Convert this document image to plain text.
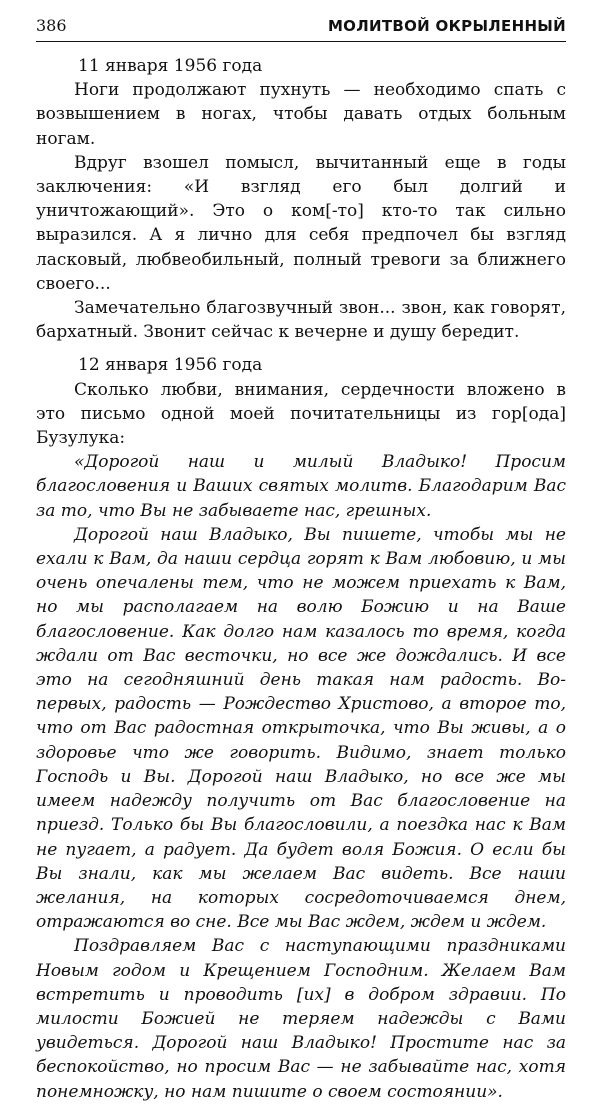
386	МОЛИТВОЙ ОКРЫЛЕННЫЙ
11 января 1956 года

Ноги продолжают пухнуть — необходимо спать с возвышением в ногах, чтобы давать отдых больным ногам.

Вдруг взошел помысл, вычитанный еще в годы заключения: «И взгляд его был долгий и уничтожающий». Это о ком[-то] кто-то так сильно выразился. А я лично для себя предпочел бы взгляд ласковый, любвеобильный, полный тревоги за ближнего своего...

Замечательно благозвучный звон... звон, как говорят, бархатный. Звонит сейчас к вечерне и душу бередит.

12 января 1956 года

Сколько любви, внимания, сердечности вложено в это письмо одной моей почитательницы из гор[ода] Бузулука:

«Дорогой наш и милый Владыко! Просим благословения и Ваших святых молитв. Благодарим Вас за то, что Вы не забываете нас, грешных.

Дорогой наш Владыко, Вы пишете, чтобы мы не ехали к Вам, да наши сердца горят к Вам любовию, и мы очень опечалены тем, что не можем приехать к Вам, но мы располагаем на волю Божию и на Ваше благословение. Как долго нам казалось то время, когда ждали от Вас весточки, но все же дождались. И все это на сегодняшний день такая нам радость. Во-первых, радость — Рождество Христово, а второе то, что от Вас радостная открыточка, что Вы живы, а о здоровье что же говорить. Видимо, знает только Господь и Вы. Дорогой наш Владыко, но все же мы имеем надежду получить от Вас благословение на приезд. Только бы Вы благословили, а поездка нас к Вам не пугает, а радует. Да будет воля Божия. О если бы Вы знали, как мы желаем Вас видеть. Все наши желания, на которых сосредоточиваемся днем, отражаются во сне. Все мы Вас ждем, ждем и ждем.

Поздравляем Вас с наступающими праздниками Новым годом и Крещением Господним. Желаем Вам встретить и проводить [их] в добром здравии. По милости Божией не теряем надежды с Вами увидеться. Дорогой наш Владыко! Простите нас за беспокойство, но просим Вас — не забывайте нас, хотя понемножку, но нам пишите о своем состоянии».
